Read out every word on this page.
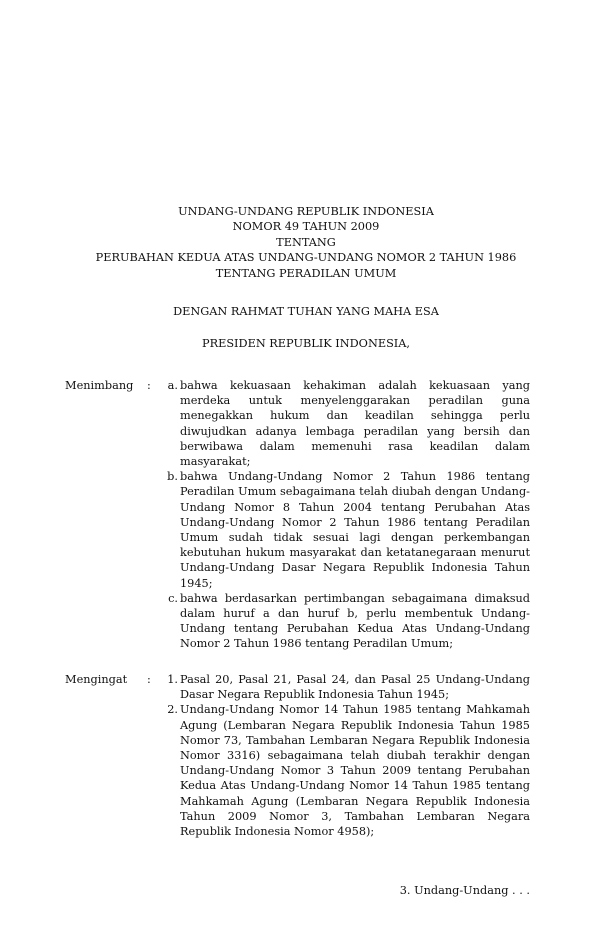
UNDANG-UNDANG REPUBLIK INDONESIA
NOMOR 49 TAHUN 2009
TENTANG
PERUBAHAN KEDUA ATAS UNDANG-UNDANG NOMOR 2 TAHUN 1986
TENTANG PERADILAN UMUM
DENGAN RAHMAT TUHAN YANG MAHA ESA
PRESIDEN REPUBLIK INDONESIA,
Menimbang :	a. bahwa kekuasaan kehakiman adalah kekuasaan yang merdeka untuk menyelenggarakan peradilan guna menegakkan hukum dan keadilan sehingga perlu diwujudkan adanya lembaga peradilan yang bersih dan berwibawa dalam memenuhi rasa keadilan dalam masyarakat;
b. bahwa Undang-Undang Nomor 2 Tahun 1986 tentang Peradilan Umum sebagaimana telah diubah dengan Undang-Undang Nomor 8 Tahun 2004 tentang Perubahan Atas Undang-Undang Nomor 2 Tahun 1986 tentang Peradilan Umum sudah tidak sesuai lagi dengan perkembangan kebutuhan hukum masyarakat dan ketatanegaraan menurut Undang-Undang Dasar Negara Republik Indonesia Tahun 1945;
c. bahwa berdasarkan pertimbangan sebagaimana dimaksud dalam huruf a dan huruf b, perlu membentuk Undang-Undang tentang Perubahan Kedua Atas Undang-Undang Nomor 2 Tahun 1986 tentang Peradilan Umum;
Mengingat :	1. Pasal 20, Pasal 21, Pasal 24, dan Pasal 25 Undang-Undang Dasar Negara Republik Indonesia Tahun 1945;
2. Undang-Undang Nomor 14 Tahun 1985 tentang Mahkamah Agung (Lembaran Negara Republik Indonesia Tahun 1985 Nomor 73, Tambahan Lembaran Negara Republik Indonesia Nomor 3316) sebagaimana telah diubah terakhir dengan Undang-Undang Nomor 3 Tahun 2009 tentang Perubahan Kedua Atas Undang-Undang Nomor 14 Tahun 1985 tentang Mahkamah Agung (Lembaran Negara Republik Indonesia Tahun 2009 Nomor 3, Tambahan Lembaran Negara Republik Indonesia Nomor 4958);
3. Undang-Undang . . .
